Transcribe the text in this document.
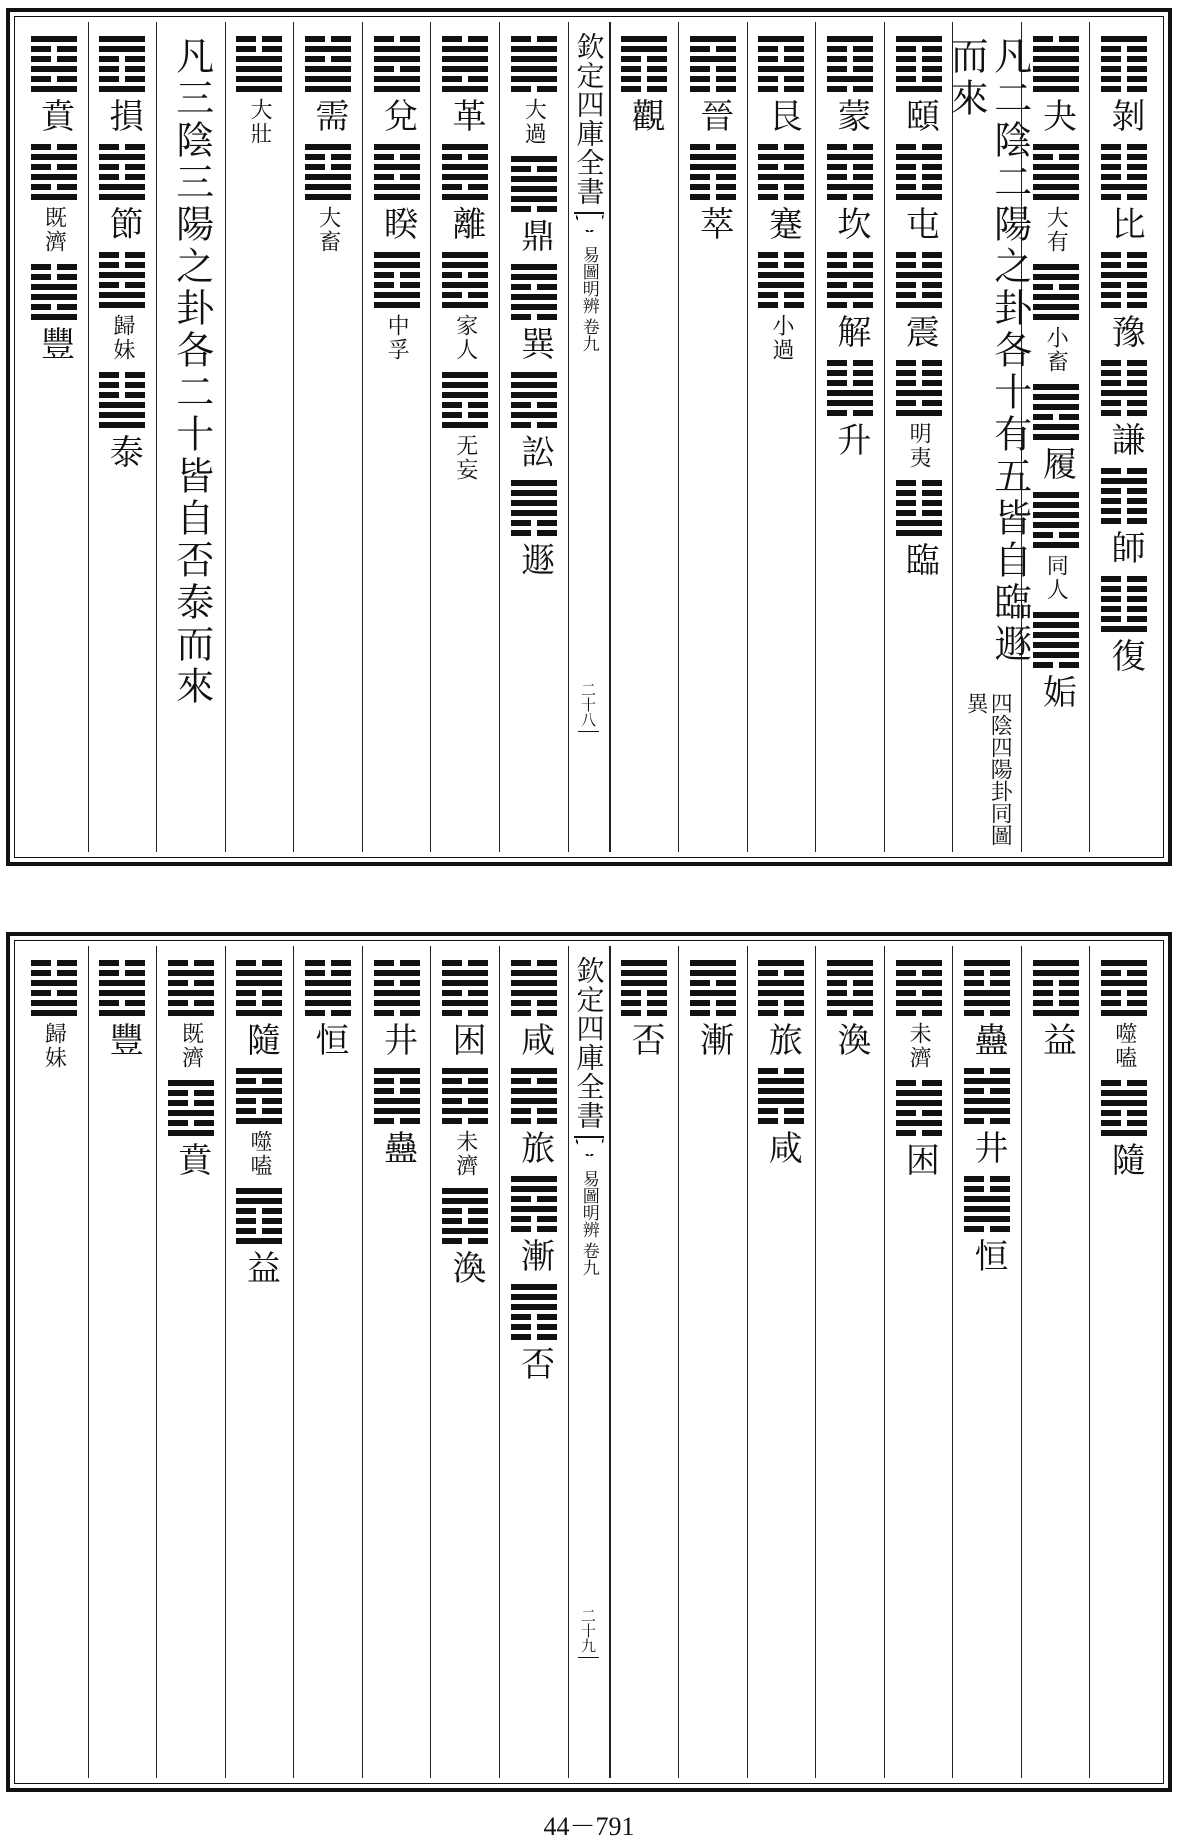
剝
比
豫
謙
師
復
夬
大有
小畜
履
同人
姤
凡二陰二陽之卦各十有五皆自臨遯而來
四陰四陽卦同圖異
頤
屯
震
明夷
臨
蒙
坎
解
升
艮
蹇
小過
晉
萃
觀
欽定四庫全書
易圖明辨
卷九
二十八
大過
鼎
巽
訟
遯
革
離
家人
无妄
兌
睽
中孚
需
大畜
大壯
凡三陰三陽之卦各二十皆自否泰而來
損
節
歸妹
泰
賁
既濟
豐
噬嗑
隨
益
蠱
井
恒
未濟
困
渙
旅
咸
漸
否
欽定四庫全書
易圖明辨
卷九
二十九
咸
旅
漸
否
困
未濟
渙
井
蠱
恒
隨
噬嗑
益
既濟
賁
豐
歸妹
44－791
